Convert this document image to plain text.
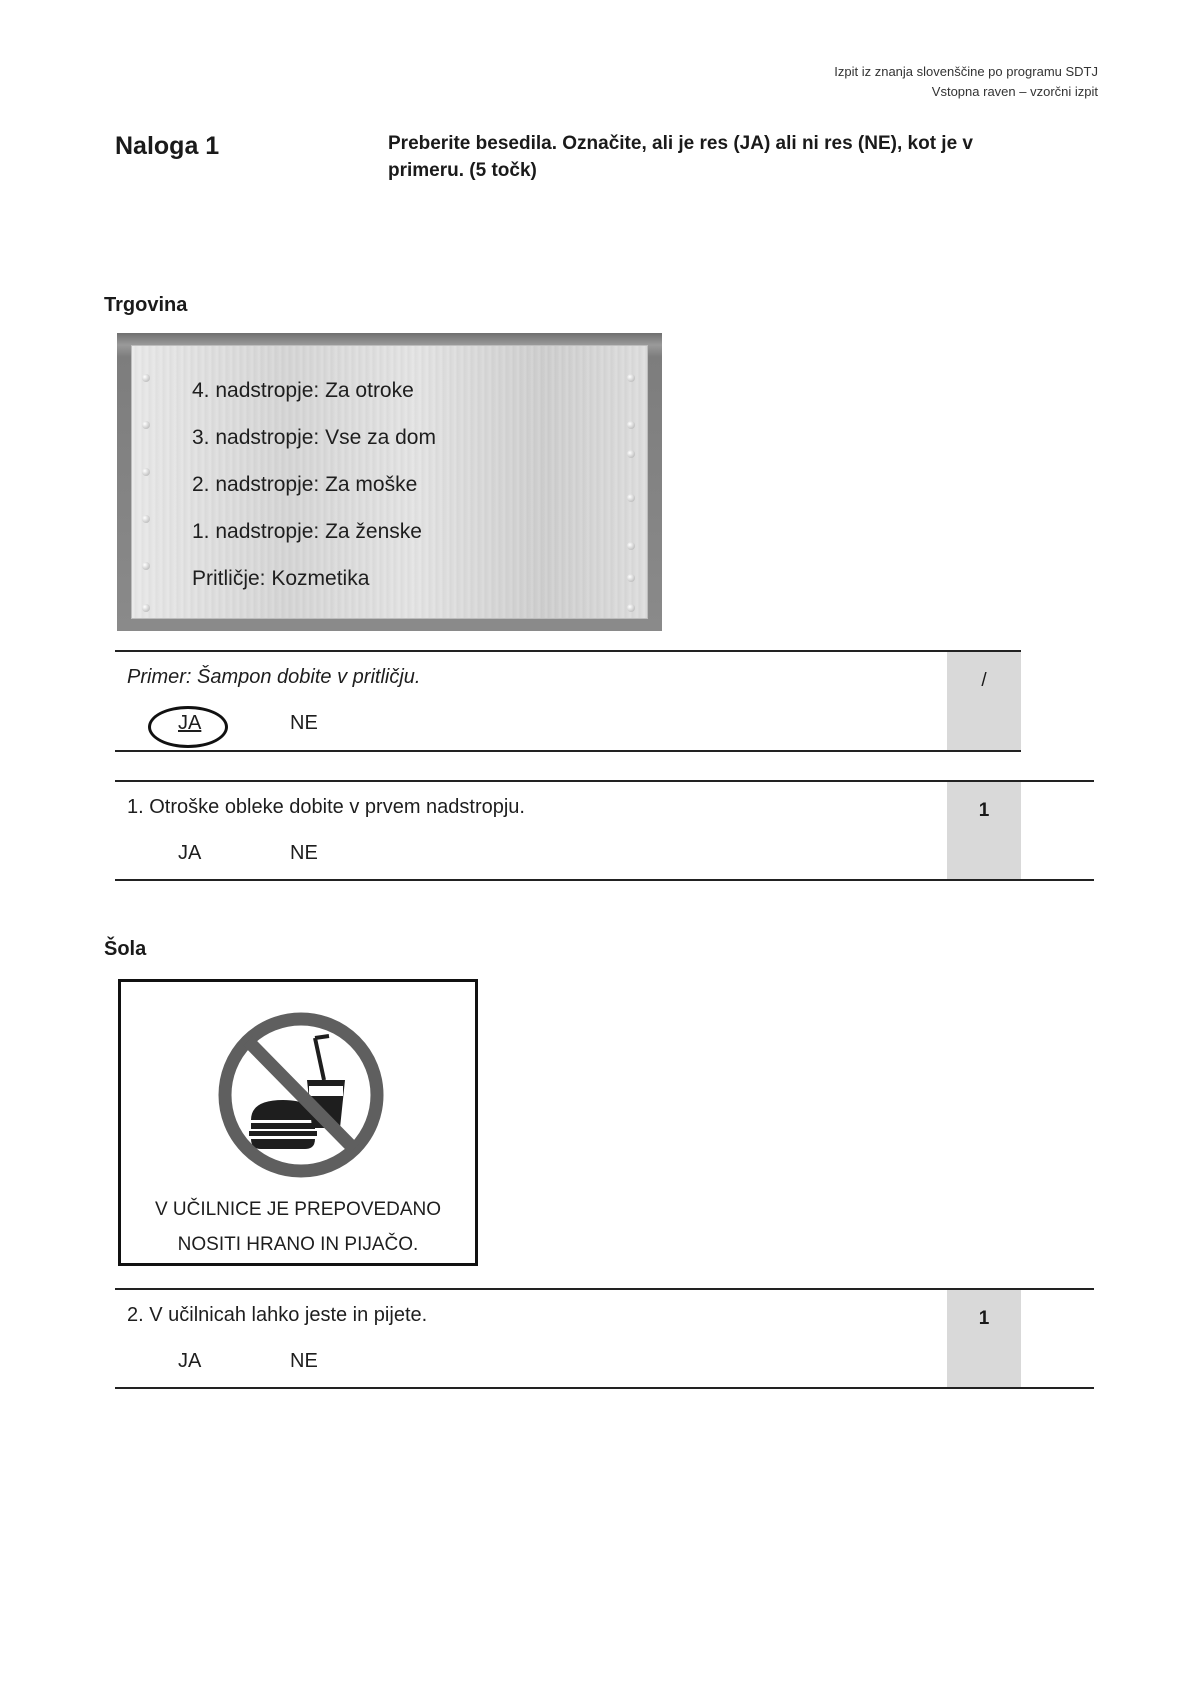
Izpit iz znanja slovenščine po programu SDTJ
Vstopna raven – vzorčni izpit
Naloga 1	Preberite besedila. Označite, ali je res (JA) ali ni res (NE), kot je v primeru. (5 točk)
Trgovina
4. nadstropje: Za otroke
3. nadstropje: Vse za dom
2. nadstropje: Za moške
1. nadstropje: Za ženske
Pritličje: Kozmetika
Primer: Šampon dobite v pritličju.
JA	NE
/
1. Otroške obleke dobite v prvem nadstropju.
JA	NE
1
Šola
V UČILNICE JE PREPOVEDANO
NOSITI HRANO IN PIJAČO.
2. V učilnicah lahko jeste in pijete.
JA	NE
1
